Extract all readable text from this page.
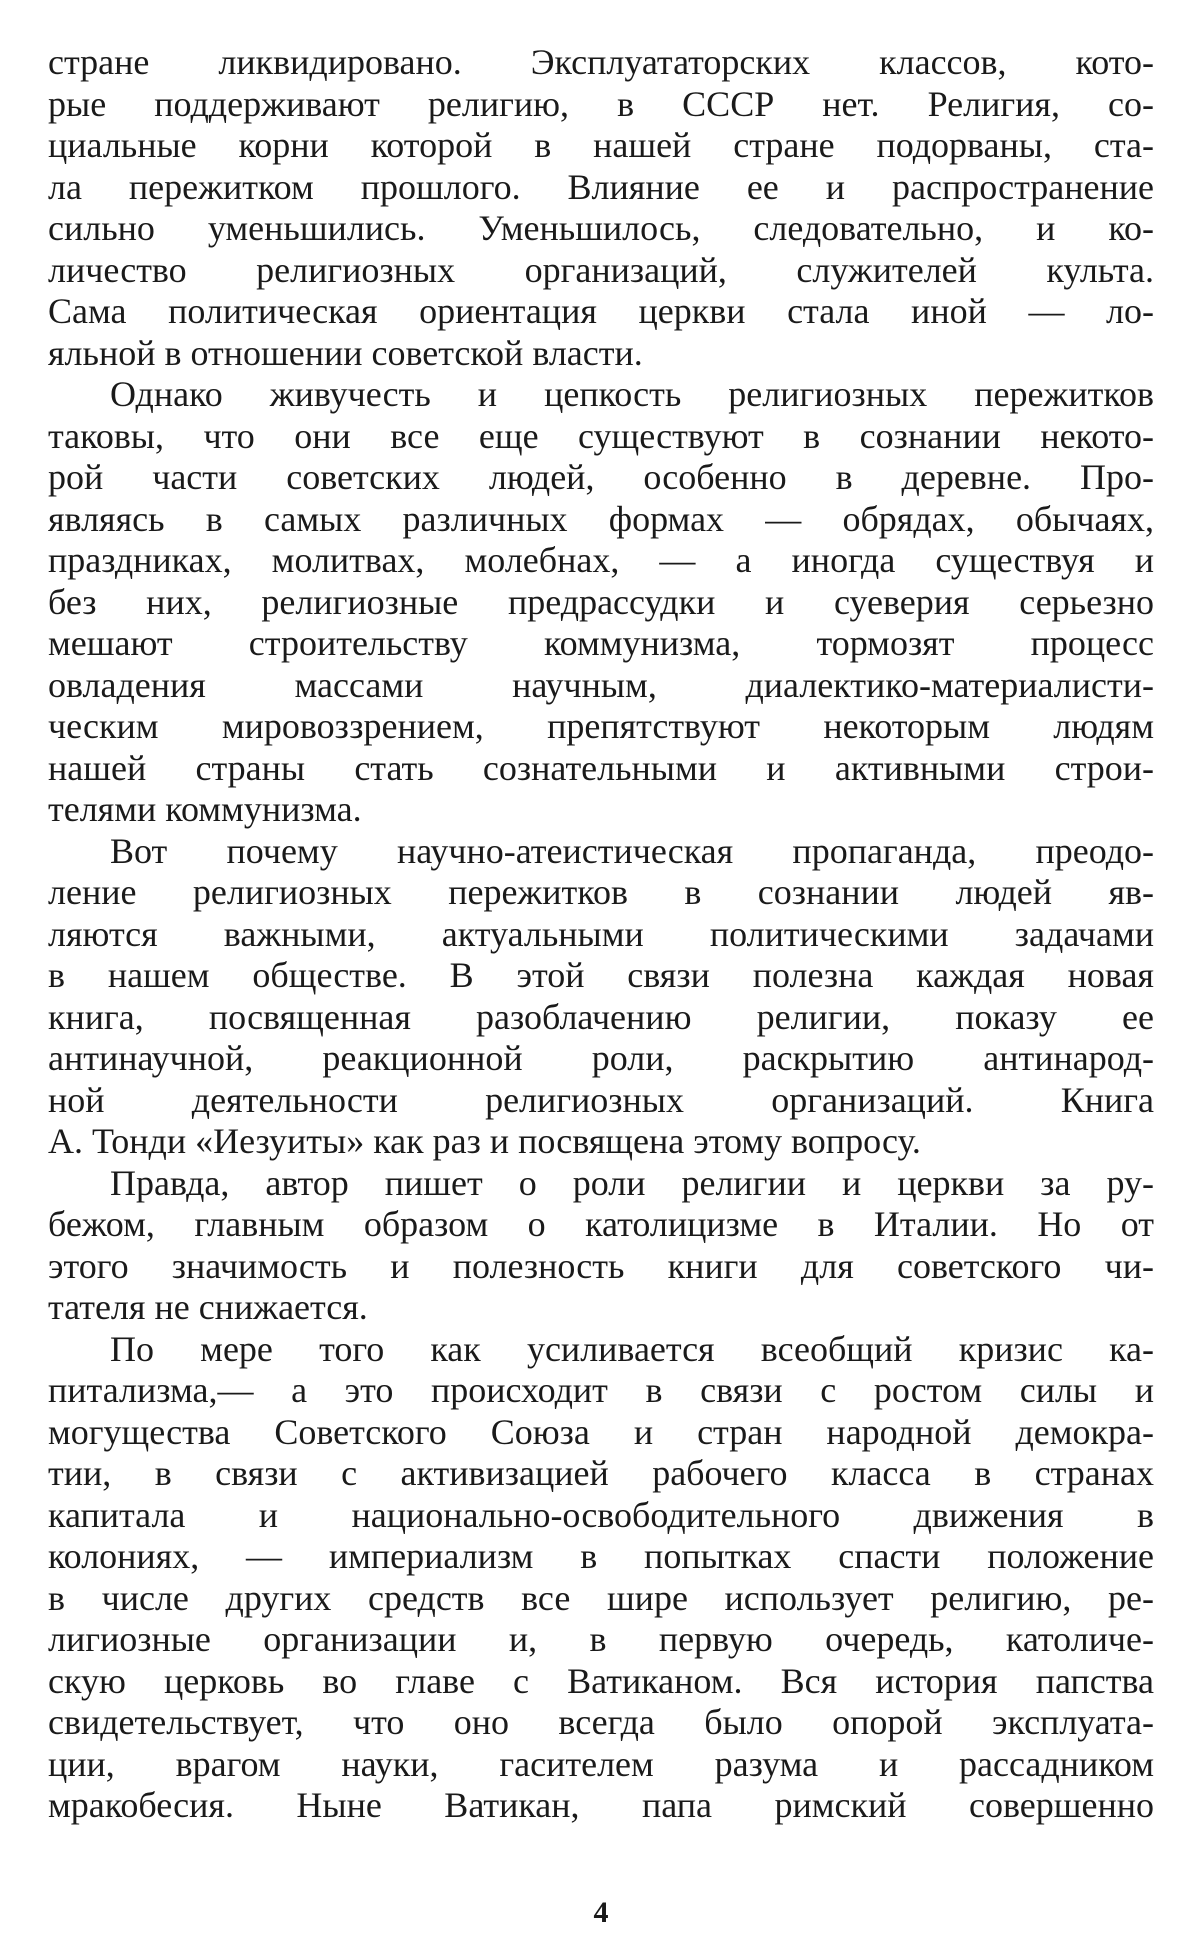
стране ликвидировано. Эксплуататорских классов, кото-
рые поддерживают религию, в СССР нет. Религия, со-
циальные корни которой в нашей стране подорваны, ста-
ла пережитком прошлого. Влияние ее и распространение
сильно уменьшились. Уменьшилось, следовательно, и ко-
личество религиозных организаций, служителей культа.
Сама политическая ориентация церкви стала иной — ло-
яльной в отношении советской власти.
Однако живучесть и цепкость религиозных пережитков
таковы, что они все еще существуют в сознании некото-
рой части советских людей, особенно в деревне. Про-
являясь в самых различных формах — обрядах, обычаях,
праздниках, молитвах, молебнах, — а иногда существуя и
без них, религиозные предрассудки и суеверия серьезно
мешают строительству коммунизма, тормозят процесс
овладения массами научным, диалектико-материалисти-
ческим мировоззрением, препятствуют некоторым людям
нашей страны стать сознательными и активными строи-
телями коммунизма.
Вот почему научно-атеистическая пропаганда, преодо-
ление религиозных пережитков в сознании людей яв-
ляются важными, актуальными политическими задачами
в нашем обществе. В этой связи полезна каждая новая
книга, посвященная разоблачению религии, показу ее
антинаучной, реакционной роли, раскрытию антинарод-
ной деятельности религиозных организаций. Книга
А. Тонди «Иезуиты» как раз и посвящена этому вопросу.
Правда, автор пишет о роли религии и церкви за ру-
бежом, главным образом о католицизме в Италии. Но от
этого значимость и полезность книги для советского чи-
тателя не снижается.
По мере того как усиливается всеобщий кризис ка-
питализма,— а это происходит в связи с ростом силы и
могущества Советского Союза и стран народной демокра-
тии, в связи с активизацией рабочего класса в странах
капитала и национально-освободительного движения в
колониях, — империализм в попытках спасти положение
в числе других средств все шире использует религию, ре-
лигиозные организации и, в первую очередь, католиче-
скую церковь во главе с Ватиканом. Вся история папства
свидетельствует, что оно всегда было опорой эксплуата-
ции, врагом науки, гасителем разума и рассадником
мракобесия. Ныне Ватикан, папа римский совершенно
4
